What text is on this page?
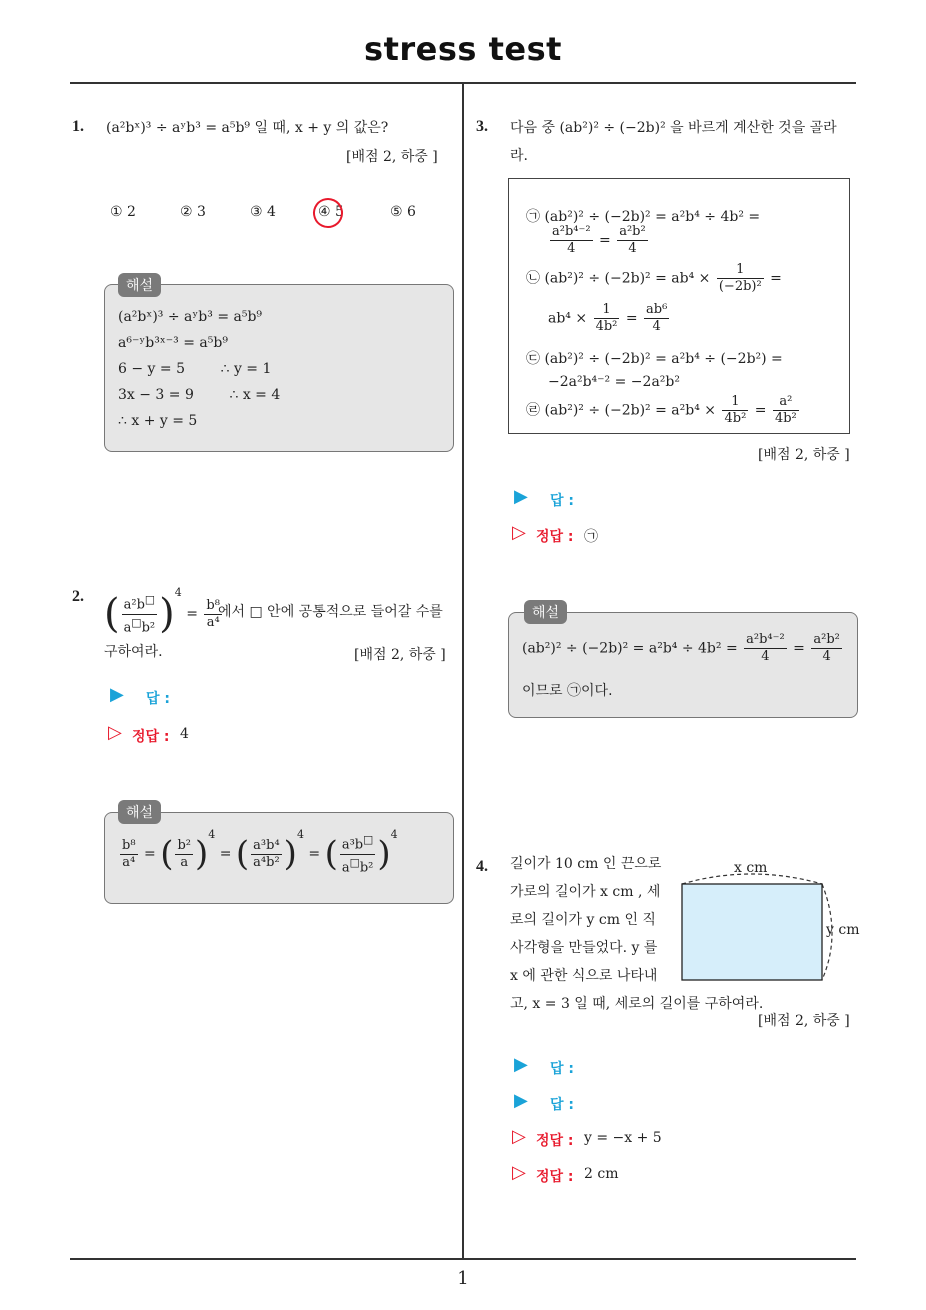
stress test
1
1. (a²bˣ)³ ÷ aʸb³ = a⁵b⁹ 일 때, x + y 의 값은?
[배점 2, 하중 ]
① 2	② 3	③ 4	④ 5	⑤ 6
해설
(a²bˣ)³ ÷ aʸb³ = a⁵b⁹
a⁶⁻ʸb³ˣ⁻³ = a⁵b⁹
6 − y = 5        ∴ y = 1
3x − 3 = 9        ∴ x = 4
∴ x + y = 5
2. ( $\frac{a^2b^□}{a^□b^2} )^4 = \frac{\text{b⁸}}{\text{a⁴}}$
에서 □ 안에 공통적으로 들어갈 수를
구하여라.	[배점 2, 하중 ]
▶ 답 :
▷ 정답 : 4
해설
$\frac{\text{b⁸}}{\text{a⁴}}$ = ( $\frac{\text{b²}}{a} )^4$ = ( $\frac{\text{a³b⁴}}{\text{a⁴b²}} )^4$ = ( $\frac{a^3b^□}{a^□b^2} )^4$
3. 다음 중 (ab²)² ÷ (−2b)² 을 바르게 계산한 것을 골라
라.
㉠ (ab²)² ÷ (−2b)² = a²b⁴ ÷ 4b² =
$\frac{\text{a²b⁴⁻²}}{4} = \frac{\text{a²b²}}{4}$
㉡ $(ab^2)^2 \div (-2b)^2 = ab^4 \times \frac{1}{\text{(−2b)²}}$ =
$ab^4 \times \frac{1}{\text{4b²}} = \frac{\text{ab⁶}}{4}$
㉢ (ab²)² ÷ (−2b)² = a²b⁴ ÷ (−2b²) =
−2a²b⁴⁻² = −2a²b²
㉣ $(ab^2)^2 \div (-2b)^2 = a^2b^4 \times \frac{1}{\text{4b²}} = \frac{\text{a²}}{\text{4b²}}$
[배점 2, 하중 ]
▶ 답 :
▷ 정답 : ㉠
해설
$(ab^2)^2 \div (-2b)^2 = a^2b^4 \div 4b^2 = \frac{\text{a²b⁴⁻²}}{4} = \frac{\text{a²b²}}{4}$
이므로 ㉠이다.
4. 길이가 10 cm 인 끈으로
가로의 길이가 x cm , 세
로의 길이가 y cm 인 직
사각형을 만들었다. y 를
x 에 관한 식으로 나타내
고, x = 3 일 때, 세로의 길이를 구하여라.
x cm
y cm
[배점 2, 하중 ]
▶ 답 :
▶ 답 :
▷ 정답 : y = −x + 5
▷ 정답 : 2 cm
